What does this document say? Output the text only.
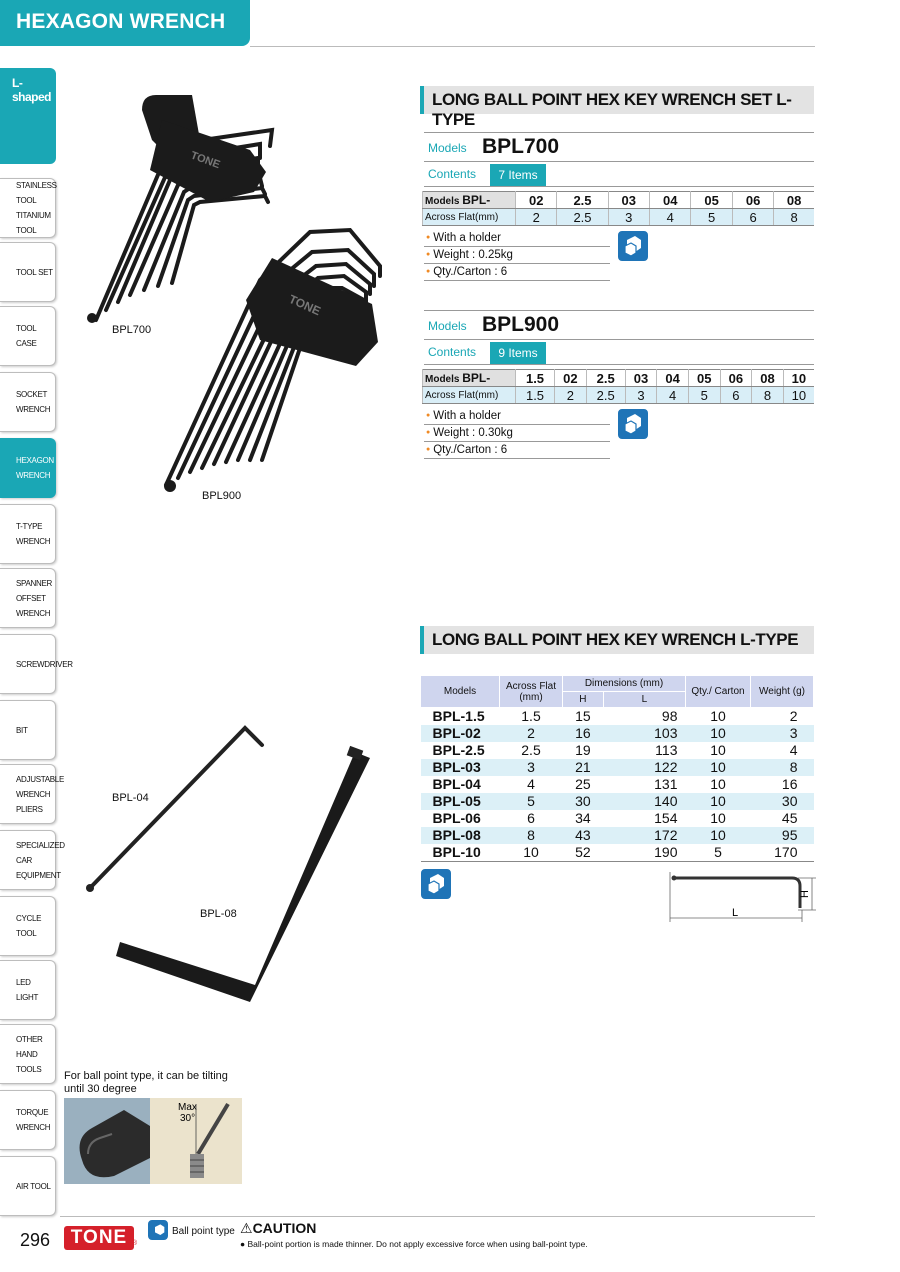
HEXAGON WRENCH
L-shaped
STAINLESS TOOL TITANIUM TOOL
TOOL SET
TOOL CASE
SOCKET WRENCH
HEXAGON WRENCH
T-TYPE WRENCH
SPANNER OFFSET WRENCH
SCREWDRIVER
BIT
ADJUSTABLE WRENCH PLIERS
SPECIALIZED CAR EQUIPMENT
CYCLE TOOL
LED LIGHT
OTHER HAND TOOLS
TORQUE WRENCH
AIR TOOL
TONE
TONE
BPL700
BPL900
LONG BALL POINT HEX KEY WRENCH SET L-TYPE
Models BPL700
Contents	7 Items
Models BPL-	02	2.5	03	04	05	06	08
Across Flat(mm)	2	2.5	3	4	5	6	8
● With a holder
● Weight : 0.25kg
● Qty./Carton : 6
Models BPL900
Contents	9 Items
Models BPL-	1.5	02	2.5	03	04	05	06	08	10
Across Flat(mm)	1.5	2	2.5	3	4	5	6	8	10
● With a holder
● Weight : 0.30kg
● Qty./Carton : 6
LONG BALL POINT HEX KEY WRENCH L-TYPE
Models	Across Flat (mm)	Dimensions (mm)		Qty./ Carton	Weight (g)
		H	L		
BPL-1.5	1.5	15	98	10	2
BPL-02	2	16	103	10	3
BPL-2.5	2.5	19	113	10	4
BPL-03	3	21	122	10	8
BPL-04	4	25	131	10	16
BPL-05	5	30	140	10	30
BPL-06	6	34	154	10	45
BPL-08	8	43	172	10	95
BPL-10	10	52	190	5	170
L
H
BPL-04
BPL-08
For ball point type, it can be tilting until 30 degree
Max
30°
296	TONE ®
Ball point type ⚠CAUTION
● Ball-point portion is made thinner. Do not apply excessive force when using ball-point type.
